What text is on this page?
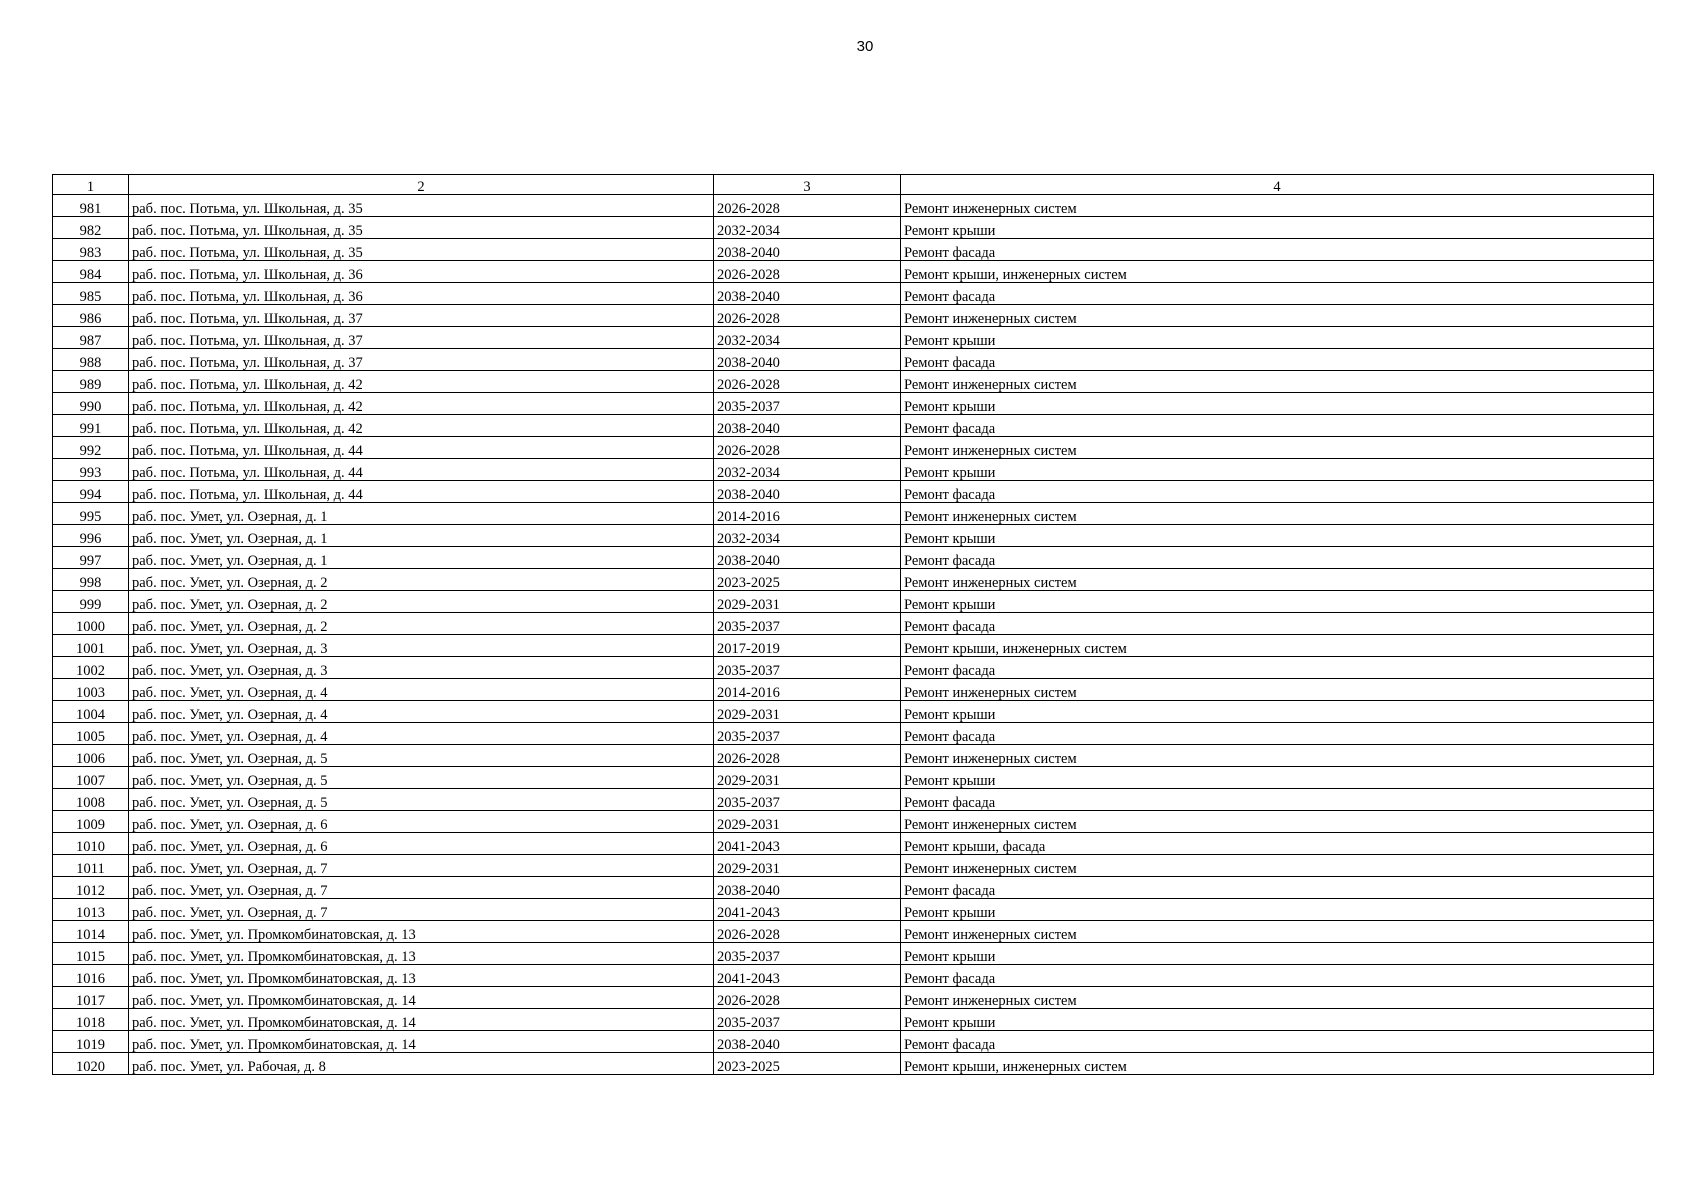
30
1	2	3	4
981	раб. пос. Потьма, ул. Школьная, д. 35	2026-2028	Ремонт инженерных систем
982	раб. пос. Потьма, ул. Школьная, д. 35	2032-2034	Ремонт крыши
983	раб. пос. Потьма, ул. Школьная, д. 35	2038-2040	Ремонт фасада
984	раб. пос. Потьма, ул. Школьная, д. 36	2026-2028	Ремонт крыши, инженерных систем
985	раб. пос. Потьма, ул. Школьная, д. 36	2038-2040	Ремонт фасада
986	раб. пос. Потьма, ул. Школьная, д. 37	2026-2028	Ремонт инженерных систем
987	раб. пос. Потьма, ул. Школьная, д. 37	2032-2034	Ремонт крыши
988	раб. пос. Потьма, ул. Школьная, д. 37	2038-2040	Ремонт фасада
989	раб. пос. Потьма, ул. Школьная, д. 42	2026-2028	Ремонт инженерных систем
990	раб. пос. Потьма, ул. Школьная, д. 42	2035-2037	Ремонт крыши
991	раб. пос. Потьма, ул. Школьная, д. 42	2038-2040	Ремонт фасада
992	раб. пос. Потьма, ул. Школьная, д. 44	2026-2028	Ремонт инженерных систем
993	раб. пос. Потьма, ул. Школьная, д. 44	2032-2034	Ремонт крыши
994	раб. пос. Потьма, ул. Школьная, д. 44	2038-2040	Ремонт фасада
995	раб. пос. Умет, ул. Озерная, д. 1	2014-2016	Ремонт инженерных систем
996	раб. пос. Умет, ул. Озерная, д. 1	2032-2034	Ремонт крыши
997	раб. пос. Умет, ул. Озерная, д. 1	2038-2040	Ремонт фасада
998	раб. пос. Умет, ул. Озерная, д. 2	2023-2025	Ремонт инженерных систем
999	раб. пос. Умет, ул. Озерная, д. 2	2029-2031	Ремонт крыши
1000	раб. пос. Умет, ул. Озерная, д. 2	2035-2037	Ремонт фасада
1001	раб. пос. Умет, ул. Озерная, д. 3	2017-2019	Ремонт крыши, инженерных систем
1002	раб. пос. Умет, ул. Озерная, д. 3	2035-2037	Ремонт фасада
1003	раб. пос. Умет, ул. Озерная, д. 4	2014-2016	Ремонт инженерных систем
1004	раб. пос. Умет, ул. Озерная, д. 4	2029-2031	Ремонт крыши
1005	раб. пос. Умет, ул. Озерная, д. 4	2035-2037	Ремонт фасада
1006	раб. пос. Умет, ул. Озерная, д. 5	2026-2028	Ремонт инженерных систем
1007	раб. пос. Умет, ул. Озерная, д. 5	2029-2031	Ремонт крыши
1008	раб. пос. Умет, ул. Озерная, д. 5	2035-2037	Ремонт фасада
1009	раб. пос. Умет, ул. Озерная, д. 6	2029-2031	Ремонт инженерных систем
1010	раб. пос. Умет, ул. Озерная, д. 6	2041-2043	Ремонт крыши, фасада
1011	раб. пос. Умет, ул. Озерная, д. 7	2029-2031	Ремонт инженерных систем
1012	раб. пос. Умет, ул. Озерная, д. 7	2038-2040	Ремонт фасада
1013	раб. пос. Умет, ул. Озерная, д. 7	2041-2043	Ремонт крыши
1014	раб. пос. Умет, ул. Промкомбинатовская, д. 13	2026-2028	Ремонт инженерных систем
1015	раб. пос. Умет, ул. Промкомбинатовская, д. 13	2035-2037	Ремонт крыши
1016	раб. пос. Умет, ул. Промкомбинатовская, д. 13	2041-2043	Ремонт фасада
1017	раб. пос. Умет, ул. Промкомбинатовская, д. 14	2026-2028	Ремонт инженерных систем
1018	раб. пос. Умет, ул. Промкомбинатовская, д. 14	2035-2037	Ремонт крыши
1019	раб. пос. Умет, ул. Промкомбинатовская, д. 14	2038-2040	Ремонт фасада
1020	раб. пос. Умет, ул. Рабочая, д. 8	2023-2025	Ремонт крыши, инженерных систем
